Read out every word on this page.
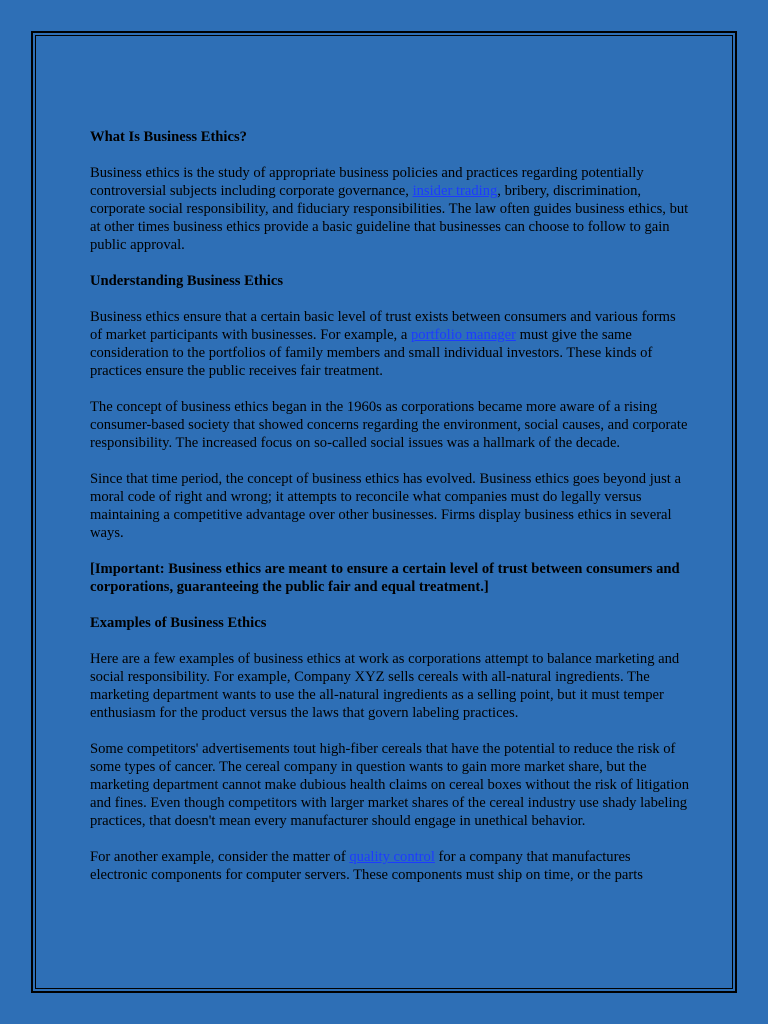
What Is Business Ethics?
Business ethics is the study of appropriate business policies and practices regarding potentially controversial subjects including corporate governance, insider trading, bribery, discrimination, corporate social responsibility, and fiduciary responsibilities. The law often guides business ethics, but at other times business ethics provide a basic guideline that businesses can choose to follow to gain public approval.
Understanding Business Ethics
Business ethics ensure that a certain basic level of trust exists between consumers and various forms of market participants with businesses. For example, a portfolio manager must give the same consideration to the portfolios of family members and small individual investors. These kinds of practices ensure the public receives fair treatment.
The concept of business ethics began in the 1960s as corporations became more aware of a rising consumer-based society that showed concerns regarding the environment, social causes, and corporate responsibility. The increased focus on so-called social issues was a hallmark of the decade.
Since that time period, the concept of business ethics has evolved. Business ethics goes beyond just a moral code of right and wrong; it attempts to reconcile what companies must do legally versus maintaining a competitive advantage over other businesses. Firms display business ethics in several ways.
[Important: Business ethics are meant to ensure a certain level of trust between consumers and corporations, guaranteeing the public fair and equal treatment.]
Examples of Business Ethics
Here are a few examples of business ethics at work as corporations attempt to balance marketing and social responsibility. For example, Company XYZ sells cereals with all-natural ingredients. The marketing department wants to use the all-natural ingredients as a selling point, but it must temper enthusiasm for the product versus the laws that govern labeling practices.
Some competitors' advertisements tout high-fiber cereals that have the potential to reduce the risk of some types of cancer. The cereal company in question wants to gain more market share, but the marketing department cannot make dubious health claims on cereal boxes without the risk of litigation and fines. Even though competitors with larger market shares of the cereal industry use shady labeling practices, that doesn't mean every manufacturer should engage in unethical behavior.
For another example, consider the matter of quality control for a company that manufactures electronic components for computer servers. These components must ship on time, or the parts
